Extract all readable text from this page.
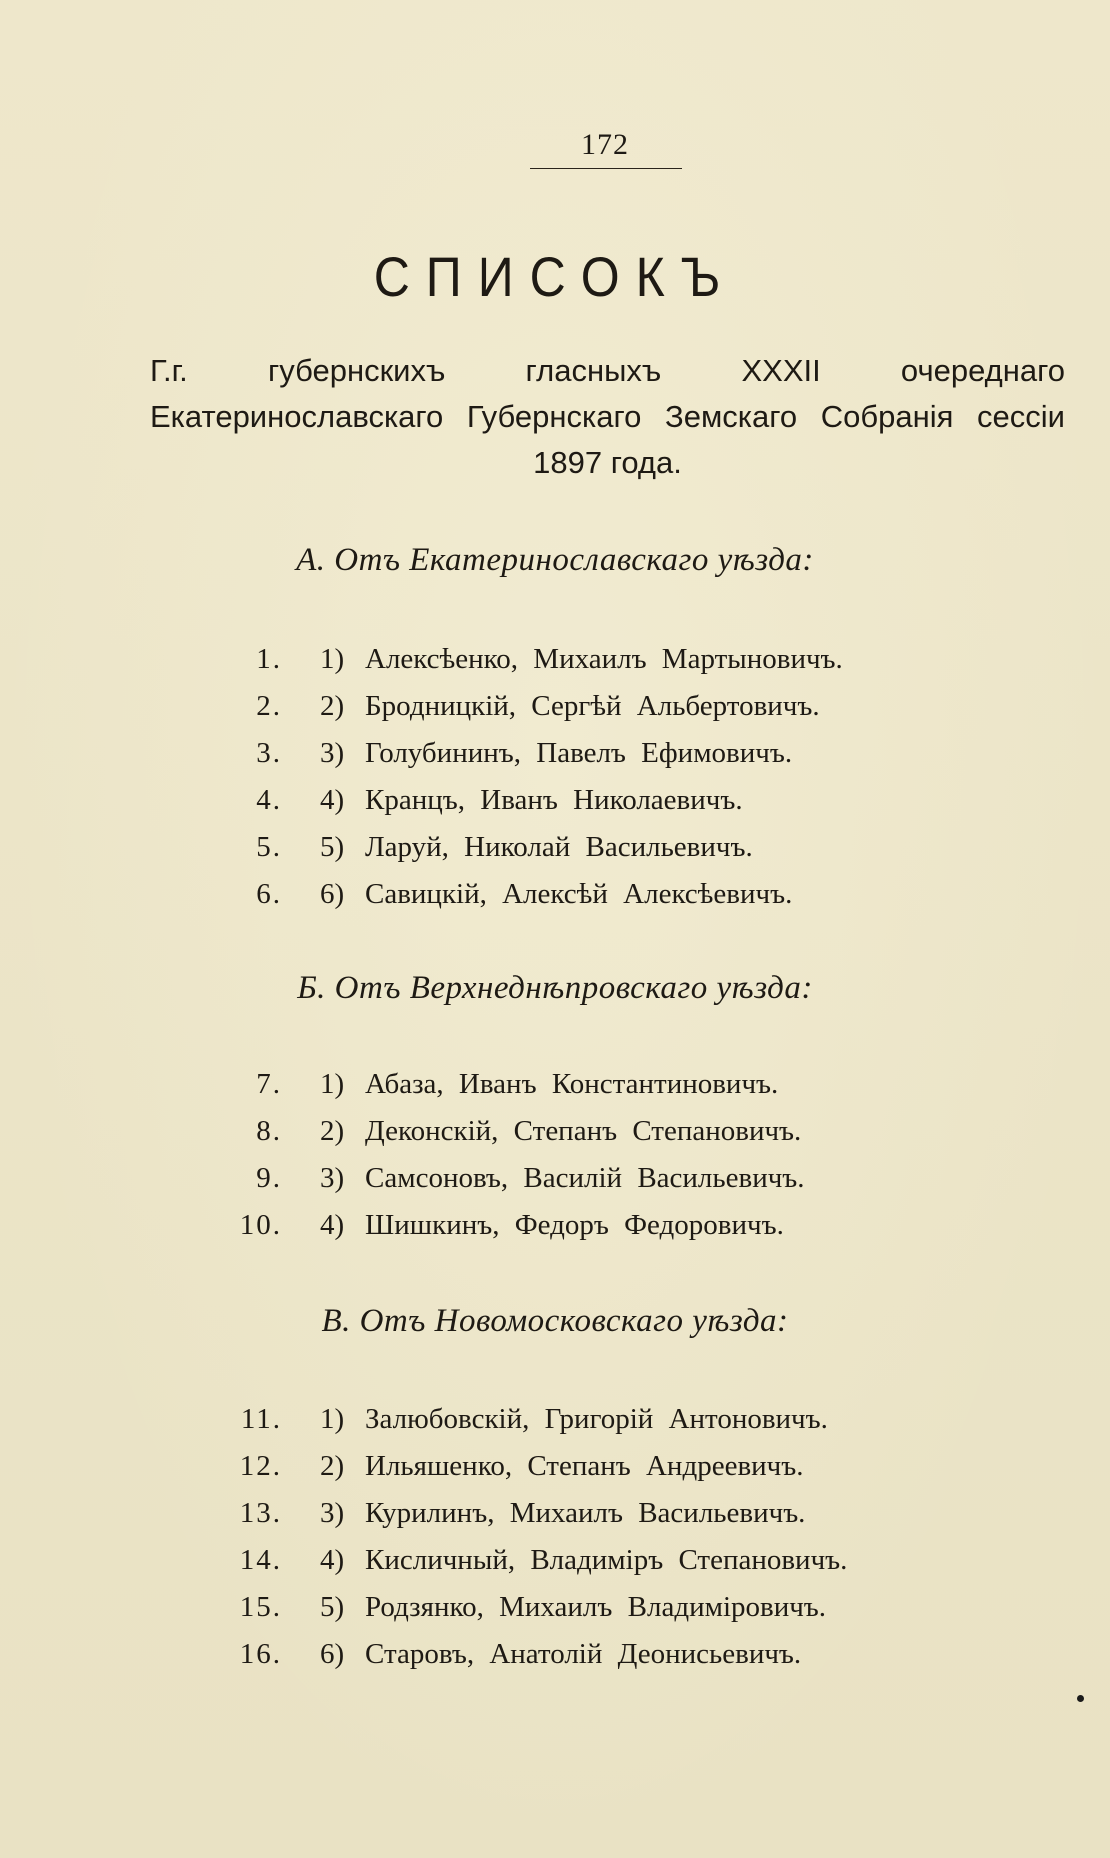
172
СПИСОКЪ
Г.г. губернскихъ гласныхъ XXXII очереднаго Екатеринославскаго Губернскаго Земскаго Собранія сессіи 1897 года.
А. Отъ Екатеринославскаго уѣзда:
1. 1) Алексѣенко, Михаилъ Мартыновичъ.
2. 2) Бродницкій, Сергѣй Альбертовичъ.
3. 3) Голубининъ, Павелъ Ефимовичъ.
4. 4) Кранцъ, Иванъ Николаевичъ.
5. 5) Ларуй, Николай Васильевичъ.
6. 6) Савицкій, Алексѣй Алексѣевичъ.
Б. Отъ Верхнеднѣпровскаго уѣзда:
7. 1) Абаза, Иванъ Константиновичъ.
8. 2) Деконскій, Степанъ Степановичъ.
9. 3) Самсоновъ, Василій Васильевичъ.
10. 4) Шишкинъ, Федоръ Федоровичъ.
В. Отъ Новомосковскаго уѣзда:
11. 1) Залюбовскій, Григорій Антоновичъ.
12. 2) Ильяшенко, Степанъ Андреевичъ.
13. 3) Курилинъ, Михаилъ Васильевичъ.
14. 4) Кисличный, Владиміръ Степановичъ.
15. 5) Родзянко, Михаилъ Владиміровичъ.
16. 6) Старовъ, Анатолій Деонисьевичъ.
